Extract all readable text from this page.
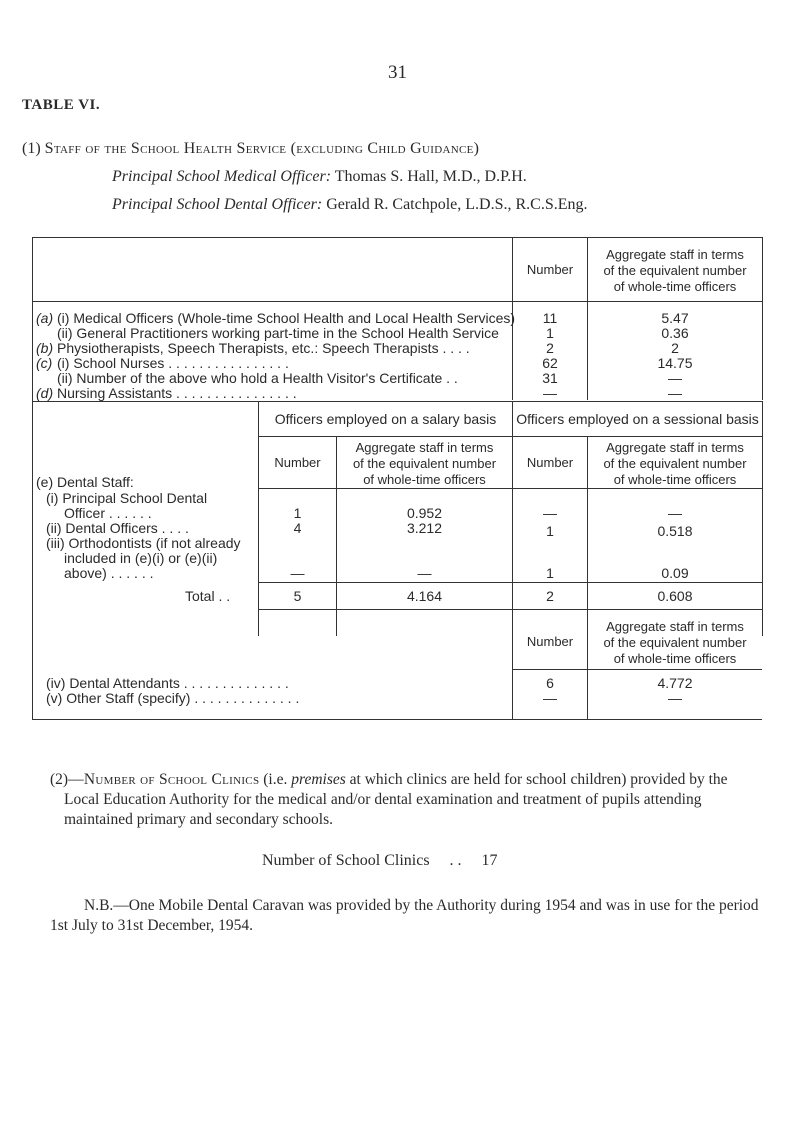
31
TABLE VI.
(1) Staff of the School Health Service (excluding Child Guidance)
Principal School Medical Officer: Thomas S. Hall, M.D., D.P.H.
Principal School Dental Officer: Gerald R. Catchpole, L.D.S., R.C.S.Eng.
Number
Aggregate staff in terms
of the equivalent number
of whole-time officers
(a) (i) Medical Officers (Whole-time School Health and Local Health Services)	11	5.47
(ii) General Practitioners working part-time in the School Health Service	1	0.36
(b) Physiotherapists, Speech Therapists, etc.: Speech Therapists . . . .	2	2
(c) (i) School Nurses . . . . . . . . . . . . . . . .	62	14.75
(ii) Number of the above who hold a Health Visitor's Certificate . .	31	—
(d) Nursing Assistants . . . . . . . . . . . . . . . .	—	—
Officers employed on a salary basis	Officers employed on a sessional basis
Number
Aggregate staff in terms
of the equivalent number
of whole-time officers
Number
Aggregate staff in terms
of the equivalent number
of whole-time officers
(e) Dental Staff:
(i) Principal School Dental
Officer . . . . . .	1	0.952	—	—
(ii) Dental Officers . . . .	4	3.212	1	0.518
(iii) Orthodontists (if not already
included in (e)(i) or (e)(ii)
above) . . . . . .	—	—	1	0.09
Total . .	5	4.164	2	0.608
Number
Aggregate staff in terms
of the equivalent number
of whole-time officers
(iv) Dental Attendants . . . . . . . . . . . . . .	6	4.772
(v) Other Staff (specify) . . . . . . . . . . . . . .	—	—
(2)—Number of School Clinics (i.e. premises at which clinics are held for school children) provided by the Local Education Authority for the medical and/or dental examination and treatment of pupils attending maintained primary and secondary schools.
Number of School Clinics     . . 17
N.B.—One Mobile Dental Caravan was provided by the Authority during 1954 and was in use for the period 1st July to 31st December, 1954.
